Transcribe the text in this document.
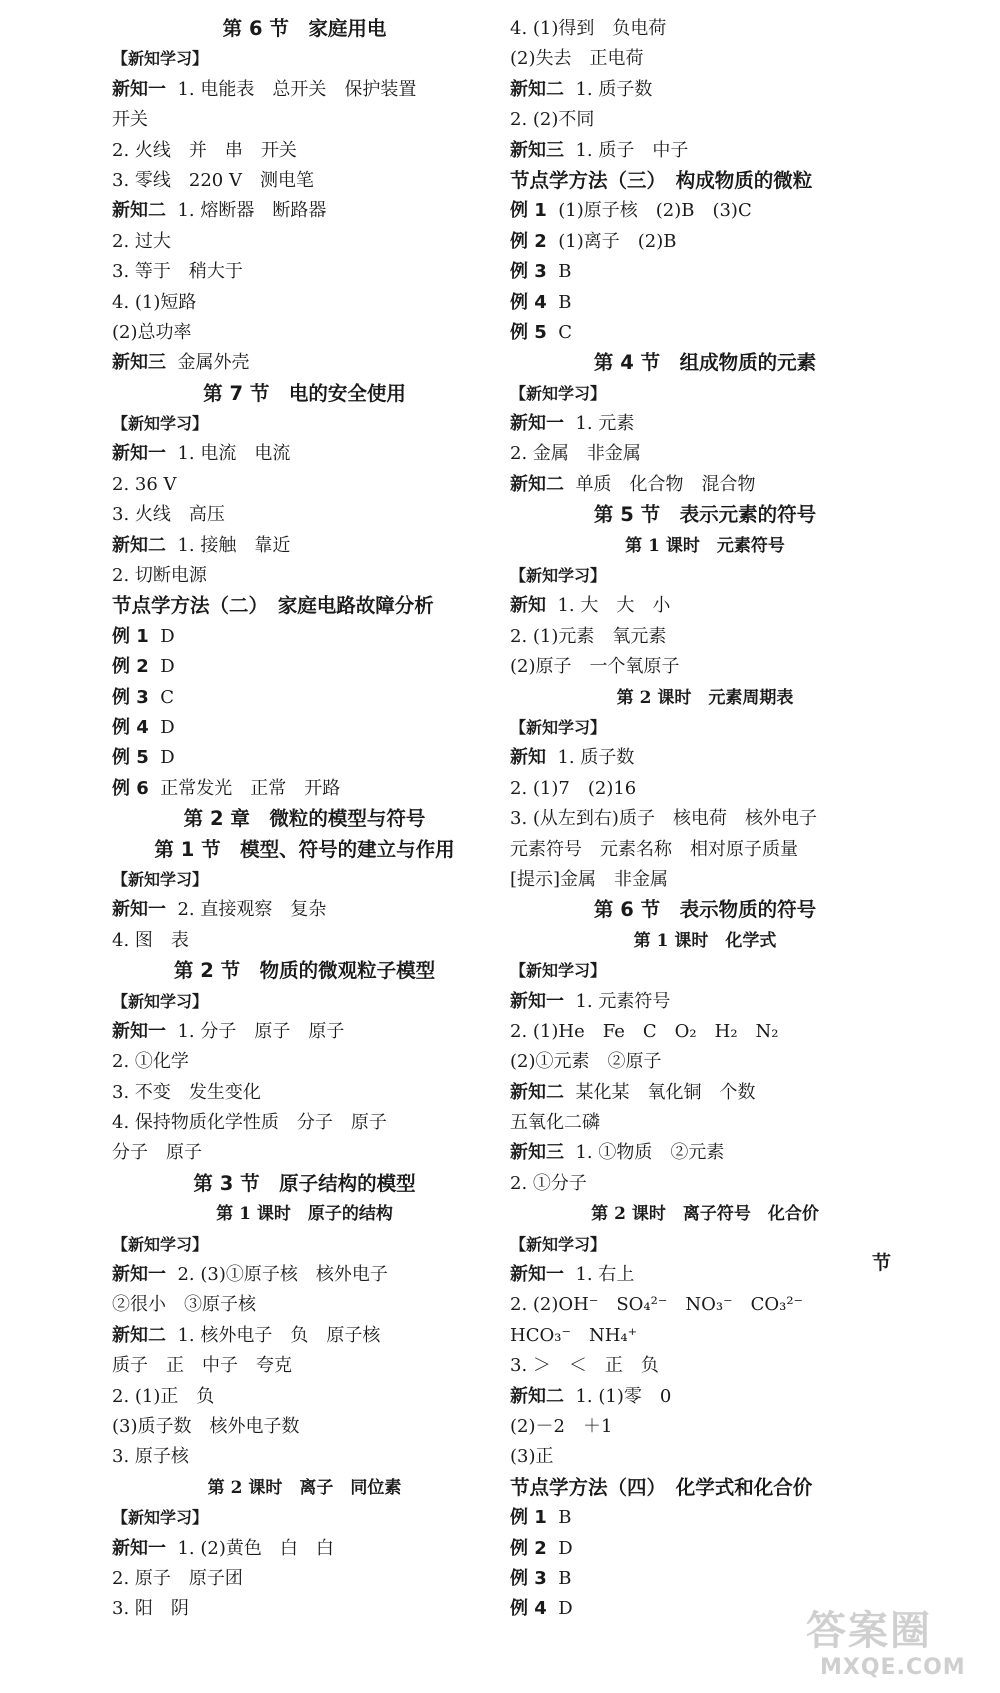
第 6 节　家庭用电
【新知学习】
新知一  1. 电能表　总开关　保护装置
开关
2. 火线　并　串　开关
3. 零线　220 V　测电笔
新知二  1. 熔断器　断路器
2. 过大
3. 等于　稍大于
4. (1)短路
(2)总功率
新知三  金属外壳
第 7 节　电的安全使用
【新知学习】
新知一  1. 电流　电流
2. 36 V
3. 火线　高压
新知二  1. 接触　靠近
2. 切断电源
节点学方法（二）　家庭电路故障分析
例 1  D
例 2  D
例 3  C
例 4  D
例 5  D
例 6  正常发光　正常　开路
第 2 章　微粒的模型与符号
第 1 节　模型、符号的建立与作用
【新知学习】
新知一  2. 直接观察　复杂
4. 图　表
第 2 节　物质的微观粒子模型
【新知学习】
新知一  1. 分子　原子　原子
2. ①化学
3. 不变　发生变化
4. 保持物质化学性质　分子　原子
分子　原子
第 3 节　原子结构的模型
第 1 课时　原子的结构
【新知学习】
新知一  2. (3)①原子核　核外电子
②很小　③原子核
新知二  1. 核外电子　负　原子核
质子　正　中子　夸克
2. (1)正　负
(3)质子数　核外电子数
3. 原子核
第 2 课时　离子　同位素
【新知学习】
新知一  1. (2)黄色　白　白
2. 原子　原子团
3. 阳　阴
4. (1)得到　负电荷
(2)失去　正电荷
新知二  1. 质子数
2. (2)不同
新知三  1. 质子　中子
节点学方法（三）　构成物质的微粒
例 1  (1)原子核　(2)B　(3)C
例 2  (1)离子　(2)B
例 3  B
例 4  B
例 5  C
第 4 节　组成物质的元素
【新知学习】
新知一  1. 元素
2. 金属　非金属
新知二  单质　化合物　混合物
第 5 节　表示元素的符号
第 1 课时　元素符号
【新知学习】
新知  1. 大　大　小
2. (1)元素　氧元素
(2)原子　一个氧原子
第 2 课时　元素周期表
【新知学习】
新知  1. 质子数
2. (1)7　(2)16
3. (从左到右)质子　核电荷　核外电子
元素符号　元素名称　相对原子质量
[提示]金属　非金属
第 6 节　表示物质的符号
第 1 课时　化学式
【新知学习】
新知一  1. 元素符号
2. (1)He　Fe　C　O₂　H₂　N₂
(2)①元素　②原子
新知二  某化某　氧化铜　个数
五氧化二磷
新知三  1. ①物质　②元素
2. ①分子
第 2 课时　离子符号　化合价
【新知学习】
新知一  1. 右上
2. (2)OH⁻　SO₄²⁻　NO₃⁻　CO₃²⁻
HCO₃⁻　NH₄⁺
3. ＞　＜　正　负
新知二  1. (1)零　0
(2)－2　＋1
(3)正
节点学方法（四）　化学式和化合价
例 1  B
例 2  D
例 3  B
例 4  D
节
答案圈
MXQE.COM
